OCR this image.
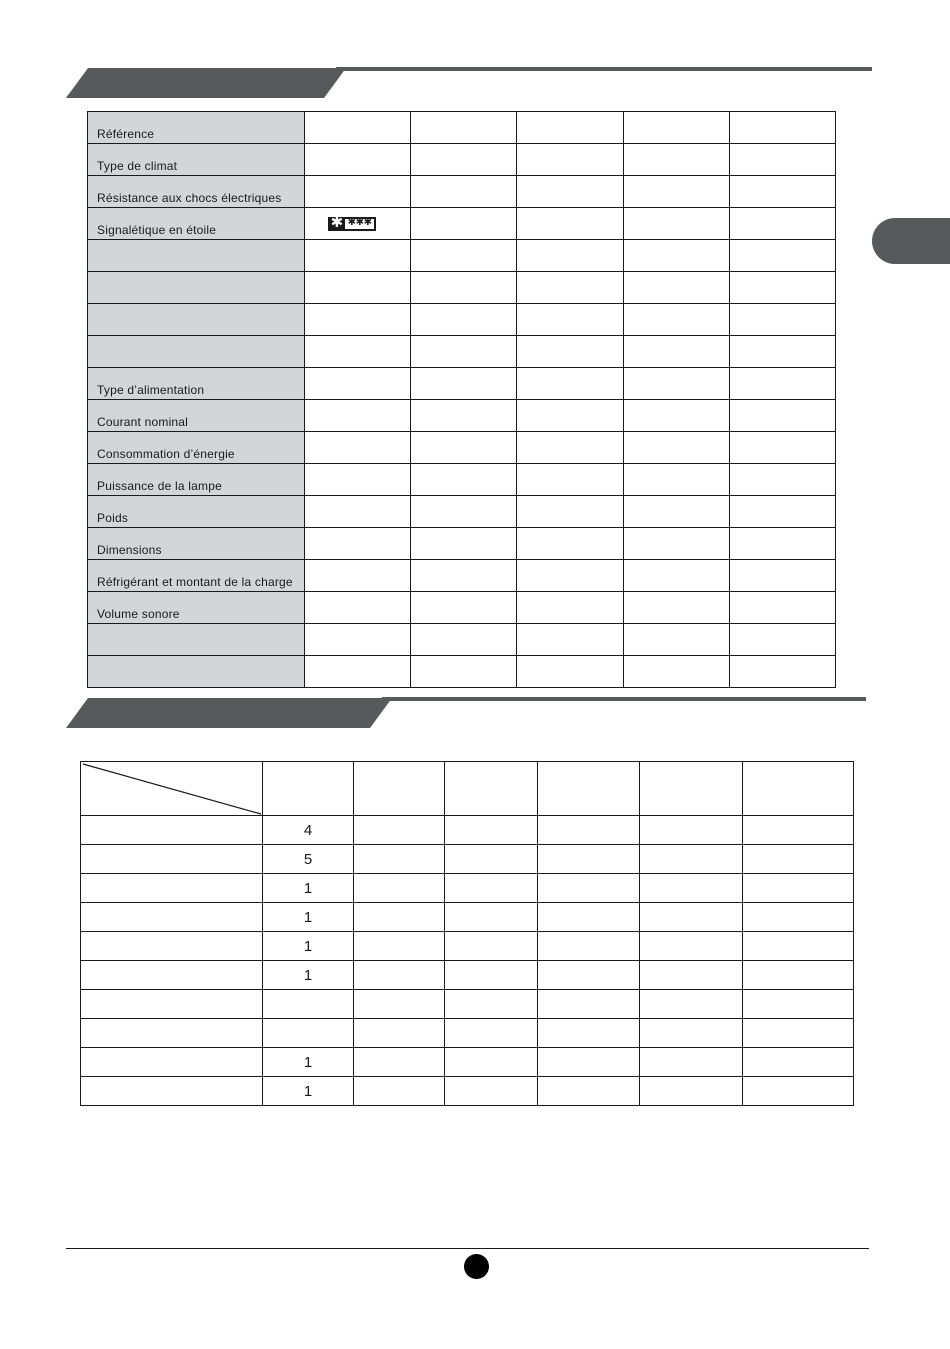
Référence					
Type de climat					
Résistance aux chocs électriques					
Signalétique en étoile	✱ ✱ ✱ ✱				

Type d’alimentation					
Courant nominal					
Consommation d’énergie					
Puissance de la lampe					
Poids					
Dimensions					
Réfrigérant et montant de la charge					
Volume sonore					

	4					
	5					
	1					
	1					
	1					
	1					

	1					
	1					
